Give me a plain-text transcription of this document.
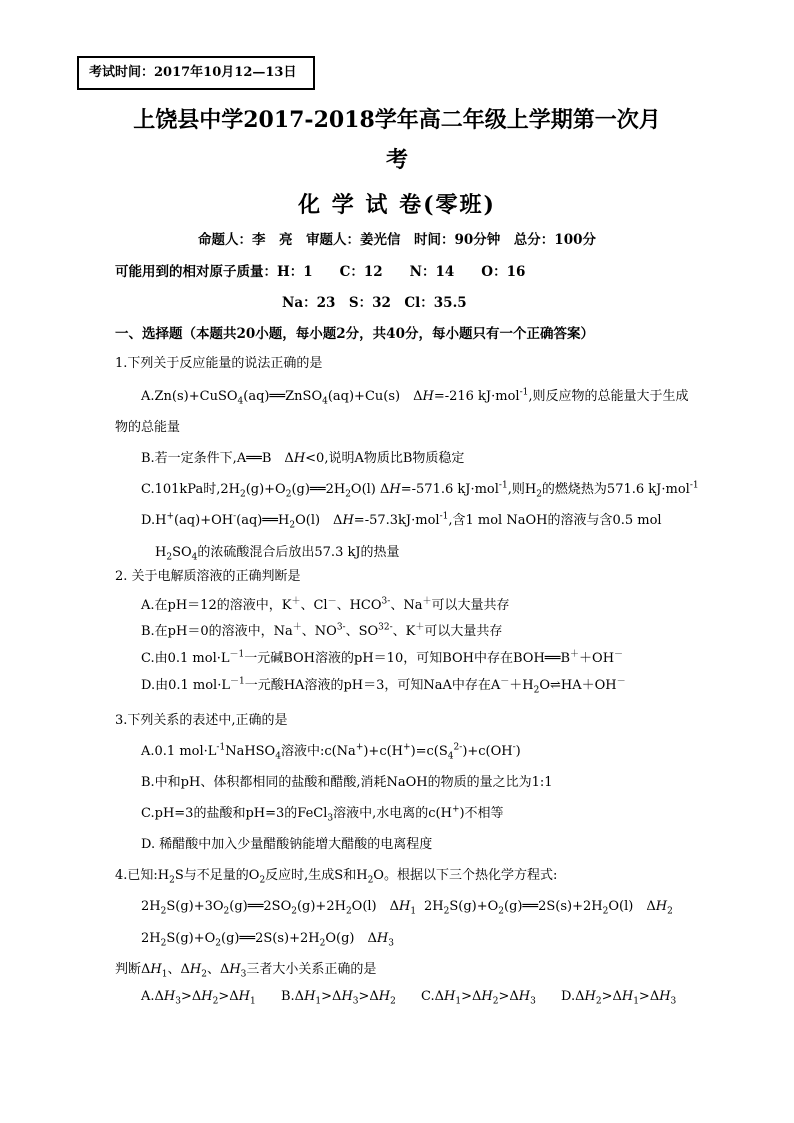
考试时间：2017年10月12—13日
上饶县中学2017-2018学年高二年级上学期第一次月
考
化 学 试 卷(零班)
命题人：李　亮　审题人：姜光信　时间：90分钟　总分：100分
可能用到的相对原子质量：H：1　　C：12　　N：14　　O：16
Na：23　S：32　Cl：35.5
一、选择题（本题共20小题，每小题2分，共40分，每小题只有一个正确答案）
1.下列关于反应能量的说法正确的是
A.Zn(s)+CuSO$_4$(aq)══ZnSO$_4$(aq)+Cu(s)　ΔH=-216 kJ·mol$^{-1}$,则反应物的总能量大于生成
物的总能量
B.若一定条件下,A══B　ΔH<0,说明A物质比B物质稳定
C.101kPa时$,2H_2(g)+O_2(g)══2H_2O(l)$ ΔH=-571.6 kJ·mol$^{-1}$,则$H_2$的燃烧热为571.6 kJ·mol$^{-1}$
$D.H^+(aq)+OH^-(aq)══H_2O(l)$　ΔH=-57.3kJ·mol$^{-1}$,含1 mol NaOH的溶液与含0.5 mol
$H_2SO_4$的浓硫酸混合后放出57.3 kJ的热量
2. 关于电解质溶液的正确判断是
A.在pH＝12的溶液中，K＋、Cl－、$HCO^{3-}$、Na＋可以大量共存
B.在pH＝0的溶液中，Na＋、$NO^{3-}$、$SO^{32-}$、K＋可以大量共存
C.由0.1 $mol\cdot L^{-1}$一元碱BOH溶液的pH＝10，可知BOH中存在BOH══B＋＋OH－
D.由0.1 $mol\cdot L^{-1}$一元酸HA溶液的pH＝3，可知NaA中存在$A^-+H_2O\rightleftharpoons HA+OH^-$
3.下列关系的表述中,正确的是
A.0.1 $mol\cdot L^{-1}NaHSO_4$溶液中$:c(Na^+)+c(H^+)=c(S_4^{2-})+c(OH^-)$
B.中和pH、体积都相同的盐酸和醋酸,消耗NaOH的物质的量之比为1:1
C.pH=3的盐酸和pH=3的FeCl$_3$溶液中,水电离的c(H+)不相等
D. 稀醋酸中加入少量醋酸钠能增大醋酸的电离程度
4.已知$:H_2S$与不足量的$O_2$反应时,生成S和$H_2O$。根据以下三个热化学方程式:
$2H_2S(g)+3O_2(g)══2SO_2(g)+2H_2O(l)$　$\Delta H_1$ $2H_2S(g)+O_2(g)══2S(s)+2H_2O(l)$　$\Delta H_2$
$2H_2S(g)+O_2(g)══2S(s)+2H_2O(g)$　$\Delta H_3$
判断$\Delta H_1$、$\Delta H_2$、$\Delta H_3$三者大小关系正确的是
$A.\Delta H_3>\Delta H_2>\Delta H_1$ $B.\Delta H_1>\Delta H_3>\Delta H_2$ $C.\Delta H_1>\Delta H_2>\Delta H_3$ $D.\Delta H_2>\Delta H_1>\Delta H_3$
